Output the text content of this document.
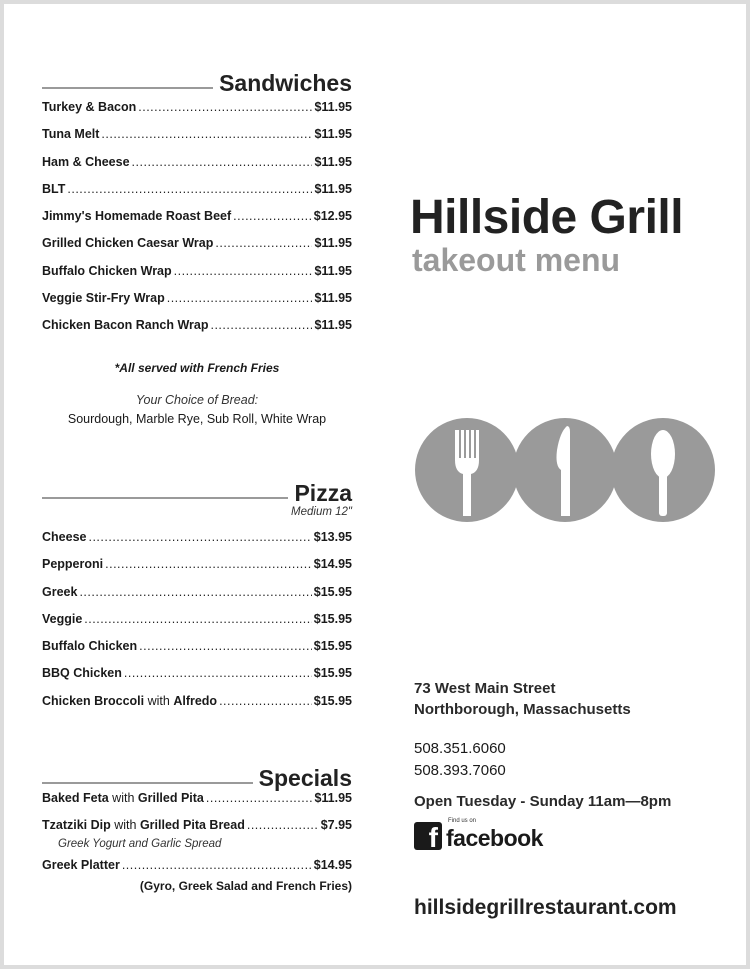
Sandwiches
Turkey & Bacon .....	$11.95
Tuna Melt .....	$11.95
Ham & Cheese .....	$11.95
BLT .....	$11.95
Jimmy's Homemade Roast Beef .....	$12.95
Grilled Chicken Caesar Wrap .....	$11.95
Buffalo Chicken Wrap .....	$11.95
Veggie Stir-Fry Wrap .....	$11.95
Chicken Bacon Ranch Wrap .....	$11.95
*All served with French Fries
Your Choice of Bread:
Sourdough, Marble Rye, Sub Roll, White Wrap
Pizza
Medium 12"
Cheese .....	$13.95
Pepperoni .....	$14.95
Greek .....	$15.95
Veggie .....	$15.95
Buffalo Chicken .....	$15.95
BBQ Chicken .....	$15.95
Chicken Broccoli with Alfredo .....	$15.95
Specials
Baked Feta with Grilled Pita .....	$11.95
Tzatziki Dip with Grilled Pita Bread .....	$7.95
Greek Yogurt and Garlic Spread
Greek Platter .....	$14.95
(Gyro, Greek Salad and French Fries)
Hillside Grill
takeout menu
73 West Main Street
Northborough, Massachusetts
508.351.6060
508.393.7060
Open Tuesday - Sunday 11am—8pm
f
Find us on
facebook
hillsidegrillrestaurant.com
